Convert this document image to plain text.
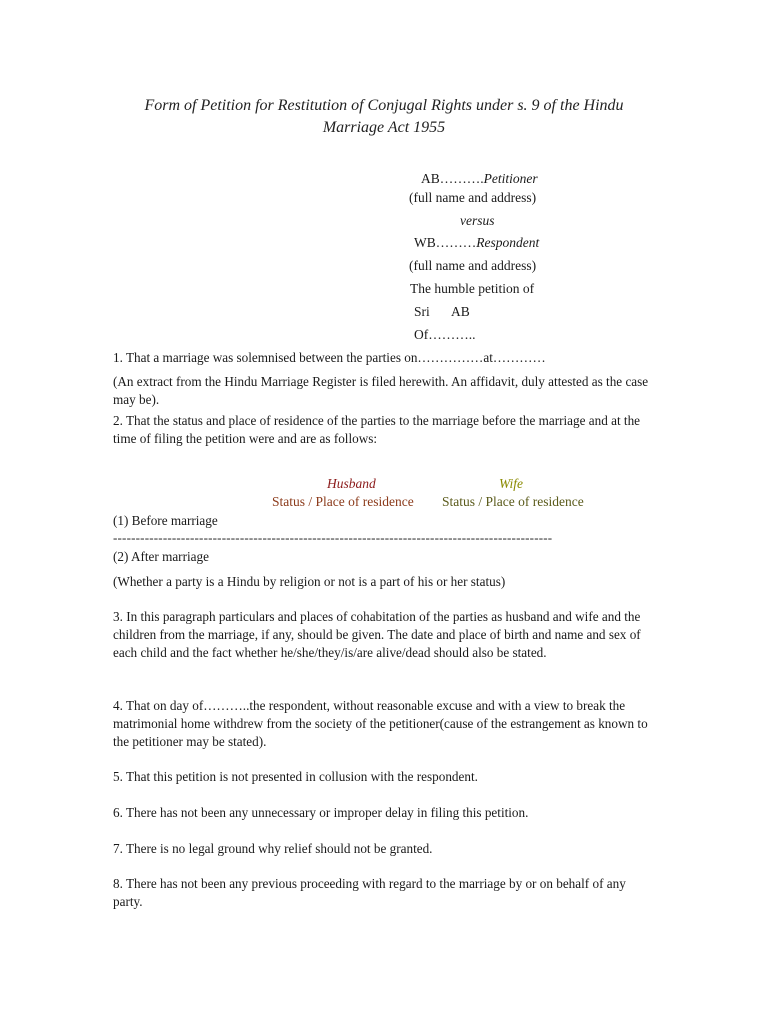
Form of Petition for Restitution of Conjugal Rights under s. 9 of the Hindu
Marriage Act 1955
AB……….Petitioner
(full name and address)
versus
WB………Respondent
(full name and address)
The humble petition of
Sri AB
Of………..
1. That a marriage was solemnised between the parties on……………at…………
(An extract from the Hindu Marriage Register is filed herewith. An affidavit, duly attested as the case may be).
2. That the status and place of residence of the parties to the marriage before the marriage and at the time of filing the petition were and are as follows:
Husband	Wife
Status / Place of residence Status / Place of residence
(1) Before marriage
-------------------------------------------------------------------------------------------------
(2) After marriage
(Whether a party is a Hindu by religion or not is a part of his or her status)
3. In this paragraph particulars and places of cohabitation of the parties as husband and wife and the children from the marriage, if any, should be given. The date and place of birth and name and sex of each child and the fact whether he/she/they/is/are alive/dead should also be stated.
4. That on day of………..the respondent, without reasonable excuse and with a view to break the matrimonial home withdrew from the society of the petitioner(cause of the estrangement as known to the petitioner may be stated).
5. That this petition is not presented in collusion with the respondent.
6. There has not been any unnecessary or improper delay in filing this petition.
7. There is no legal ground why relief should not be granted.
8. There has not been any previous proceeding with regard to the marriage by or on behalf of any party.
